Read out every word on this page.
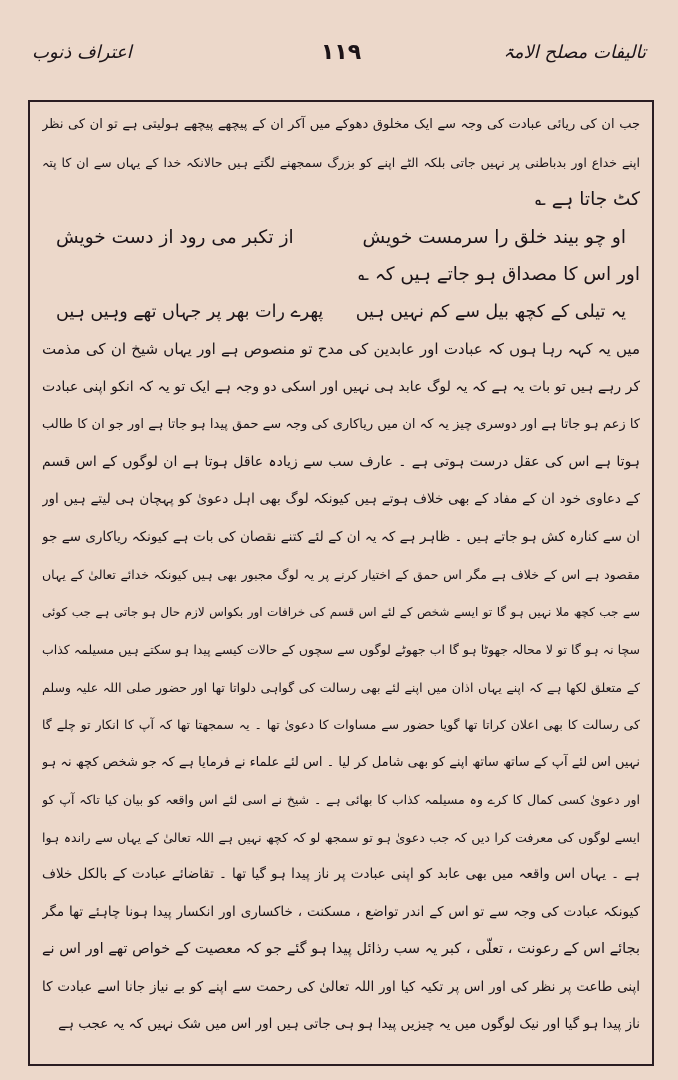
تالیفات مصلح الامۃ
۱۱۹
اعتراف ذنوب
جب ان کی ریائی عبادت کی وجہ سے ایک مخلوق دھوکے میں آکر ان کے پیچھے پیچھے ہولیتی ہے تو ان کی نظر
اپنے خداع اور بدباطنی پر نہیں جاتی بلکہ الٹے اپنے کو بزرگ سمجھنے لگتے ہیں حالانکہ خدا کے یہاں سے ان کا پتہ
کٹ جاتا ہے ؎
او چو بیند خلق را سرمست خویش
از تکبر می رود از دست خویش
اور اس کا مصداق ہو جاتے ہیں کہ ؎
یہ تیلی کے کچھ بیل سے کم نہیں ہیں
پھرے رات بھر پر جہاں تھے وہیں ہیں
میں یہ کہہ رہا ہوں کہ عبادت اور عابدین کی مدح تو منصوص ہے اور یہاں شیخ ان کی مذمت
کر رہے ہیں تو بات یہ ہے کہ یہ لوگ عابد ہی نہیں اور اسکی دو وجہ ہے ایک تو یہ کہ انکو اپنی عبادت
کا زعم ہو جاتا ہے اور دوسری چیز یہ کہ ان میں ریاکاری کی وجہ سے حمق پیدا ہو جاتا ہے اور جو ان کا طالب
ہوتا ہے اس کی عقل درست ہوتی ہے ۔ عارف سب سے زیادہ عاقل ہوتا ہے ان لوگوں کے اس قسم
کے دعاوی خود ان کے مفاد کے بھی خلاف ہوتے ہیں کیونکہ لوگ بھی اہل دعویٰ کو پہچان ہی لیتے ہیں اور
ان سے کنارہ کش ہو جاتے ہیں ۔ ظاہر ہے کہ یہ ان کے لئے کتنے نقصان کی بات ہے کیونکہ ریاکاری سے جو
مقصود ہے اس کے خلاف ہے مگر اس حمق کے اختیار کرنے پر یہ لوگ مجبور بھی ہیں کیونکہ خدائے تعالیٰ کے یہاں
سے جب کچھ ملا نہیں ہو گا تو ایسے شخص کے لئے اس قسم کی خرافات اور بکواس لازم حال ہو جاتی ہے جب کوئی
سچا نہ ہو گا تو لا محالہ جھوٹا ہو گا اب جھوٹے لوگوں سے سچوں کے حالات کیسے پیدا ہو سکتے ہیں مسیلمہ کذاب
کے متعلق لکھا ہے کہ اپنے یہاں اذان میں اپنے لئے بھی رسالت کی گواہی دلواتا تھا اور حضور صلی اللہ علیہ وسلم
کی رسالت کا بھی اعلان کراتا تھا گویا حضور سے مساوات کا دعویٰ تھا ۔ یہ سمجھتا تھا کہ آپ کا انکار تو چلے گا
نہیں اس لئے آپ کے ساتھ ساتھ اپنے کو بھی شامل کر لیا ۔ اس لئے علماء نے فرمایا ہے کہ جو شخص کچھ نہ ہو
اور دعویٰ کسی کمال کا کرے وہ مسیلمہ کذاب کا بھائی ہے ۔ شیخ نے اسی لئے اس واقعہ کو بیان کیا تاکہ آپ کو
ایسے لوگوں کی معرفت کرا دیں کہ جب دعویٰ ہو تو سمجھ لو کہ کچھ نہیں ہے اللہ تعالیٰ کے یہاں سے راندہ ہوا
ہے ۔ یہاں اس واقعہ میں بھی عابد کو اپنی عبادت پر ناز پیدا ہو گیا تھا ۔ تقاضائے عبادت کے بالکل خلاف
کیونکہ عبادت کی وجہ سے تو اس کے اندر تواضع ، مسکنت ، خاکساری اور انکسار پیدا ہونا چاہئے تھا مگر
بجائے اس کے رعونت ، تعلّی ، کبر یہ سب رذائل پیدا ہو گئے جو کہ معصیت کے خواص تھے اور اس نے
اپنی طاعت پر نظر کی اور اس پر تکیہ کیا اور اللہ تعالیٰ کی رحمت سے اپنے کو بے نیاز جانا اسے عبادت کا
ناز پیدا ہو گیا اور نیک لوگوں میں یہ چیزیں پیدا ہو ہی جاتی ہیں اور اس میں شک نہیں کہ یہ عجب ہے
